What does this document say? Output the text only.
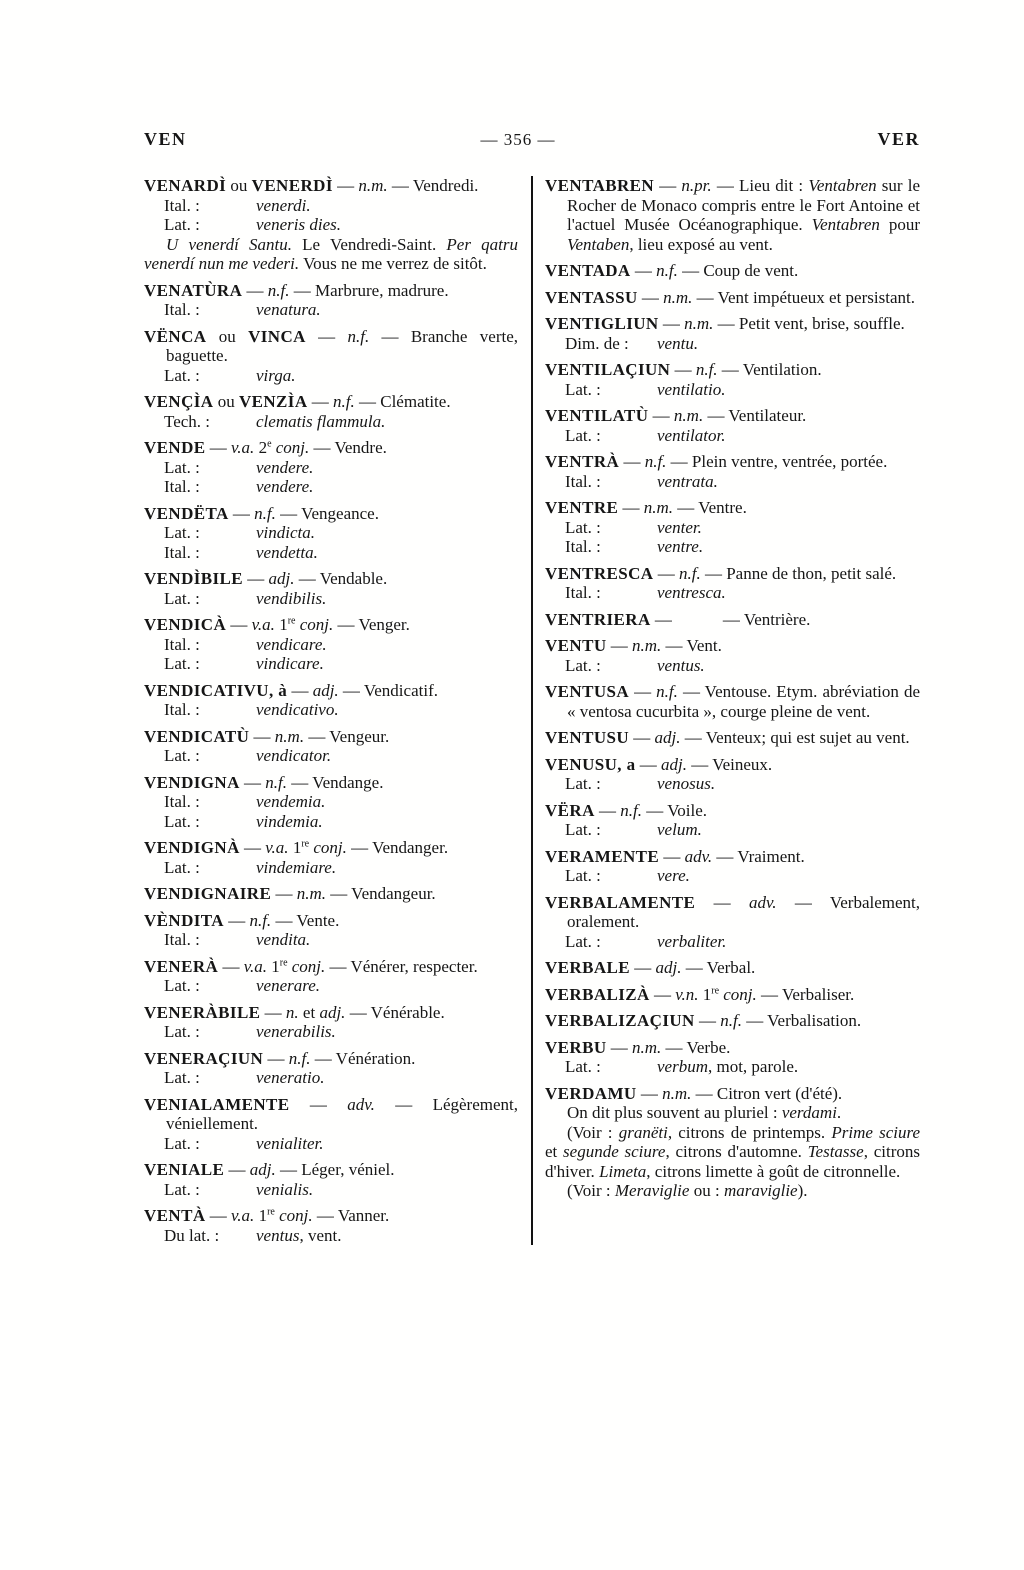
VEN	— 356 —	VER

VENARDÌ ou VENERDÌ — n.m. — Vendredi.

Ital. :	venerdi.

Lat. :	veneris dies.

U venerdí Santu. Le Vendredi-Saint. Per qatru venerdí nun me vederi. Vous ne me verrez de sitôt.

VENATÙRA — n.f. — Marbrure, madrure.

Ital. :	venatura.

VËNCA ou VINCA — n.f. — Branche verte, baguette.

Lat. :	virga.

VENÇÌA ou VENZÌA — n.f. — Clématite.

Tech. :	clematis flammula.

VENDE — v.a. 2e conj. — Vendre.

Lat. :	vendere.

Ital. :	vendere.

VENDËTA — n.f. — Vengeance.

Lat. :	vindicta.

Ital. :	vendetta.

VENDÌBILE — adj. — Vendable.

Lat. :	vendibilis.

VENDICÀ — v.a. 1re conj. — Venger.

Ital. :	vendicare.

Lat. :	vindicare.

VENDICATIVU, à — adj. — Vendicatif.

Ital. :	vendicativo.

VENDICATÙ — n.m. — Vengeur.

Lat. :	vendicator.

VENDIGNA — n.f. — Vendange.

Ital. :	vendemia.

Lat. :	vindemia.

VENDIGNÀ — v.a. 1re conj. — Vendanger.

Lat. :	vindemiare.

VENDIGNAIRE — n.m. — Vendangeur.

VÈNDITA — n.f. — Vente.

Ital. :	vendita.

VENERÀ — v.a. 1re conj. — Vénérer, respecter.

Lat. :	venerare.

VENERÀBILE — n. et adj. — Vénérable.

Lat. :	venerabilis.

VENERAÇIUN — n.f. — Vénération.

Lat. :	veneratio.

VENIALAMENTE — adv. — Légèrement, véniellement.

Lat. :	venialiter.

VENIALE — adj. — Léger, véniel.

Lat. :	venialis.

VENTÀ — v.a. 1re conj. — Vanner.

Du lat. : ventus, vent.

VENTABREN — n.pr. — Lieu dit : Ventabren sur le Rocher de Monaco compris entre le Fort Antoine et l'actuel Musée Océanographique. Ventabren pour Ventaben, lieu exposé au vent.

VENTADA — n.f. — Coup de vent.

VENTASSU — n.m. — Vent impétueux et persistant.

VENTIGLIUN — n.m. — Petit vent, brise, souffle.

Dim. de : ventu.

VENTILAÇIUN — n.f. — Ventilation.

Lat. :	ventilatio.

VENTILATÙ — n.m. — Ventilateur.

Lat. :	ventilator.

VENTRÀ — n.f. — Plein ventre, ventrée, portée.

Ital. :	ventrata.

VENTRE — n.m. — Ventre.

Lat. :	venter.

Ital. :	ventre.

VENTRESCA — n.f. — Panne de thon, petit salé.

Ital. :	ventresca.

VENTRIERA —     — Ventrière.

VENTU — n.m. — Vent.

Lat. :	ventus.

VENTUSA — n.f. — Ventouse. Etym. abréviation de « ventosa cucurbita », courge pleine de vent.

VENTUSU — adj. — Venteux; qui est sujet au vent.

VENUSU, a — adj. — Veineux.

Lat. :	venosus.

VËRA — n.f. — Voile.

Lat. :	velum.

VERAMENTE — adv. — Vraiment.

Lat. :	vere.

VERBALAMENTE — adv. — Verbalement, oralement.

Lat. :	verbaliter.

VERBALE — adj. — Verbal.

VERBALIZÀ — v.n. 1re conj. — Verbaliser.

VERBALIZAÇIUN — n.f. — Verbalisation.

VERBU — n.m. — Verbe.

Lat. :	verbum, mot, parole.

VERDAMU — n.m. — Citron vert (d'été).

On dit plus souvent au pluriel : verdami.

(Voir : granëti, citrons de printemps. Prime sciure et segunde sciure, citrons d'automne. Testasse, citrons d'hiver. Limeta, citrons limette à goût de citronnelle.

(Voir : Meraviglie ou : maraviglie).
